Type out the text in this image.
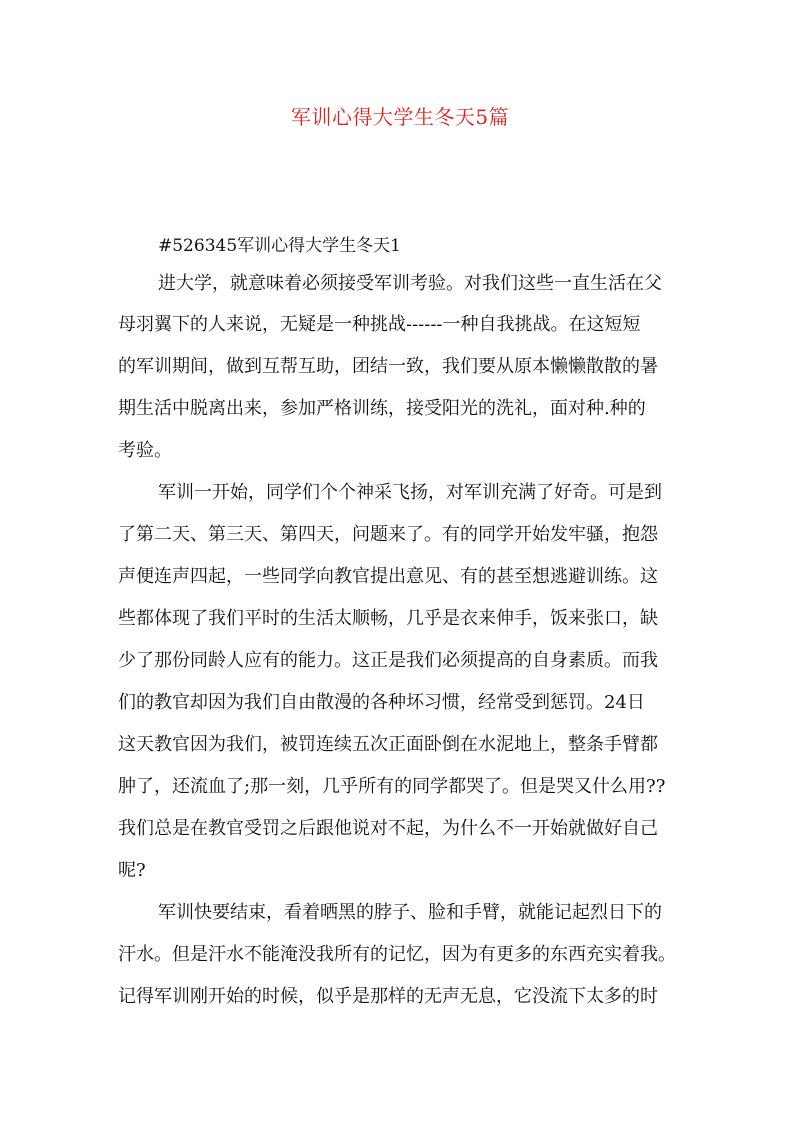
军训心得大学生冬天5篇
#526345军训心得大学生冬天1
进大学，就意味着必须接受军训考验。对我们这些一直生活在父
母羽翼下的人来说，无疑是一种挑战------一种自我挑战。在这短短
的军训期间，做到互帮互助，团结一致，我们要从原本懒懒散散的暑
期生活中脱离出来，参加严格训练，接受阳光的洗礼，面对种.种的
考验。
军训一开始，同学们个个神采飞扬，对军训充满了好奇。可是到
了第二天、第三天、第四天，问题来了。有的同学开始发牢骚，抱怨
声便连声四起，一些同学向教官提出意见、有的甚至想逃避训练。这
些都体现了我们平时的生活太顺畅，几乎是衣来伸手，饭来张口，缺
少了那份同龄人应有的能力。这正是我们必须提高的自身素质。而我
们的教官却因为我们自由散漫的各种坏习惯，经常受到惩罚。24日
这天教官因为我们，被罚连续五次正面卧倒在水泥地上，整条手臂都
肿了，还流血了;那一刻，几乎所有的同学都哭了。但是哭又什么用??
我们总是在教官受罚之后跟他说对不起，为什么不一开始就做好自己
呢?
军训快要结束，看着晒黑的脖子、脸和手臂，就能记起烈日下的
汗水。但是汗水不能淹没我所有的记忆，因为有更多的东西充实着我。
记得军训刚开始的时候，似乎是那样的无声无息，它没流下太多的时
